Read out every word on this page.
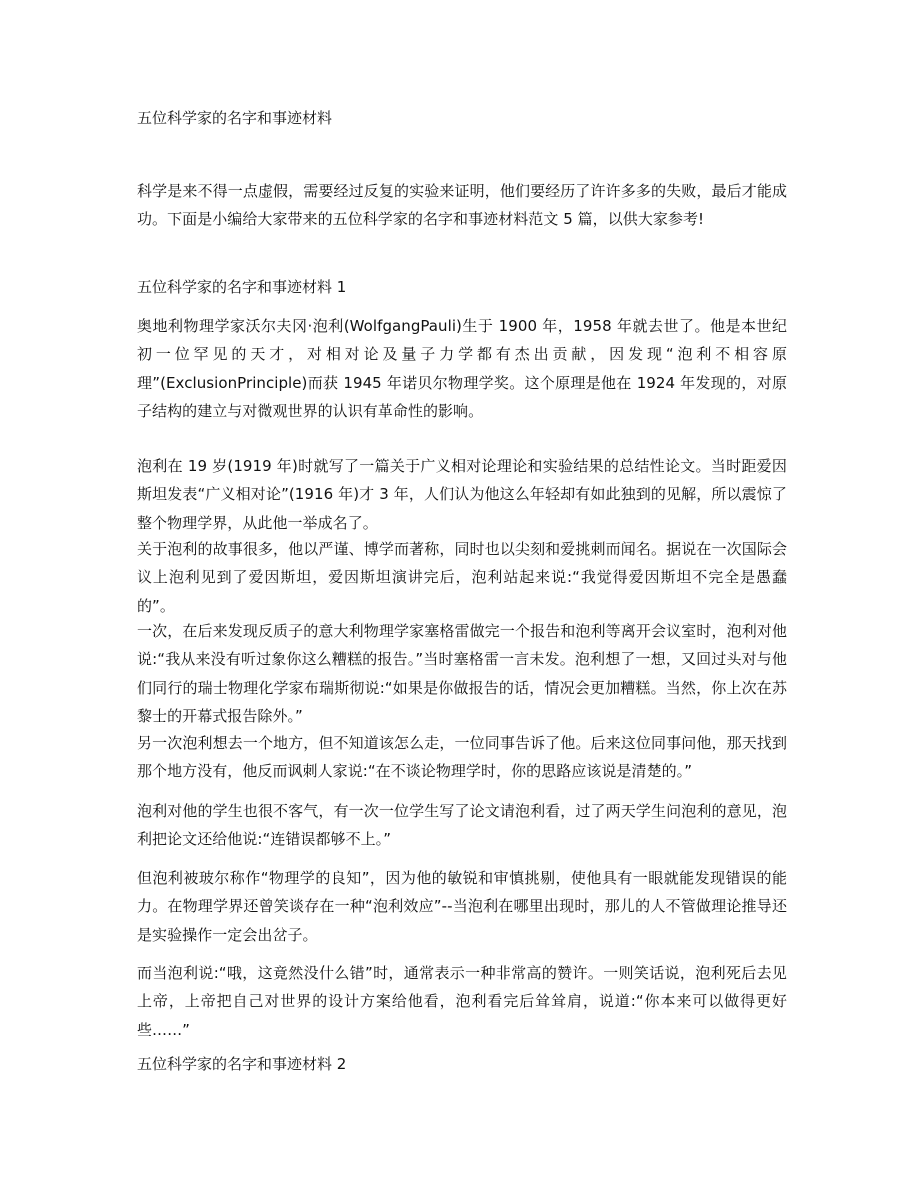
五位科学家的名字和事迹材料

科学是来不得一点虚假，需要经过反复的实验来证明，他们要经历了许许多多的失败，最后才能成功。下面是小编给大家带来的五位科学家的名字和事迹材料范文 5 篇，以供大家参考!

五位科学家的名字和事迹材料 1

奥地利物理学家沃尔夫冈·泡利(WolfgangPauli)生于 1900 年，1958 年就去世了。他是本世纪初一位罕见的天才，对相对论及量子力学都有杰出贡献，因发现“泡利不相容原理”(ExclusionPrinciple)而获 1945 年诺贝尔物理学奖。这个原理是他在 1924 年发现的，对原子结构的建立与对微观世界的认识有革命性的影响。

泡利在 19 岁(1919 年)时就写了一篇关于广义相对论理论和实验结果的总结性论文。当时距爱因斯坦发表“广义相对论”(1916 年)才 3 年，人们认为他这么年轻却有如此独到的见解，所以震惊了整个物理学界，从此他一举成名了。

关于泡利的故事很多，他以严谨、博学而著称，同时也以尖刻和爱挑刺而闻名。据说在一次国际会议上泡利见到了爱因斯坦，爱因斯坦演讲完后，泡利站起来说:“我觉得爱因斯坦不完全是愚蠢的”。

一次，在后来发现反质子的意大利物理学家塞格雷做完一个报告和泡利等离开会议室时，泡利对他说:“我从来没有听过象你这么糟糕的报告。”当时塞格雷一言未发。泡利想了一想，又回过头对与他们同行的瑞士物理化学家布瑞斯彻说:“如果是你做报告的话，情况会更加糟糕。当然，你上次在苏黎士的开幕式报告除外。”

另一次泡利想去一个地方，但不知道该怎么走，一位同事告诉了他。后来这位同事问他，那天找到那个地方没有，他反而讽刺人家说:“在不谈论物理学时，你的思路应该说是清楚的。”

泡利对他的学生也很不客气，有一次一位学生写了论文请泡利看，过了两天学生问泡利的意见，泡利把论文还给他说:“连错误都够不上。”

但泡利被玻尔称作“物理学的良知”，因为他的敏锐和审慎挑剔，使他具有一眼就能发现错误的能力。在物理学界还曾笑谈存在一种“泡利效应”--当泡利在哪里出现时，那儿的人不管做理论推导还是实验操作一定会出岔子。

而当泡利说:“哦，这竟然没什么错”时，通常表示一种非常高的赞许。一则笑话说，泡利死后去见上帝，上帝把自己对世界的设计方案给他看，泡利看完后耸耸肩，说道:“你本来可以做得更好些……”

五位科学家的名字和事迹材料 2
